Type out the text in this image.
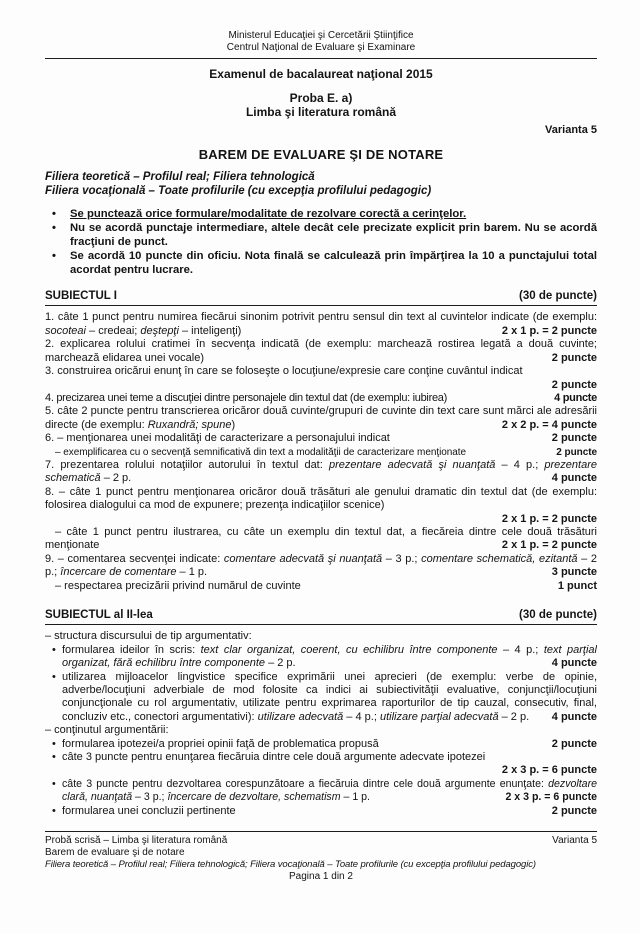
Ministerul Educaţiei şi Cercetării Ştiinţifice
Centrul Naţional de Evaluare şi Examinare
Examenul de bacalaureat naţional 2015
Proba E. a)
Limba şi literatura română
Varianta 5
BAREM DE EVALUARE ŞI DE NOTARE
Filiera teoretică – Profilul real; Filiera tehnologică
Filiera vocaţională – Toate profilurile (cu excepţia profilului pedagogic)
• Se punctează orice formulare/modalitate de rezolvare corectă a cerinţelor.
• Nu se acordă punctaje intermediare, altele decât cele precizate explicit prin barem. Nu se acordă fracţiuni de punct.
• Se acordă 10 puncte din oficiu. Nota finală se calculează prin împărţirea la 10 a punctajului total acordat pentru lucrare.
SUBIECTUL I	(30 de puncte)

1. câte 1 punct pentru numirea fiecărui sinonim potrivit pentru sensul din text al cuvintelor indicate (de exemplu: socoteai – credeai; deştepţi – inteligenţi)	2 x 1 p. = 2 puncte

2. explicarea rolului cratimei în secvenţa indicată (de exemplu: marchează rostirea legată a două cuvinte; marchează elidarea unei vocale)	2 puncte

3. construirea oricărui enunţ în care se foloseşte o locuţiune/expresie care conţine cuvântul indicat

2 puncte

4. precizarea unei teme a discuţiei dintre personajele din textul dat (de exemplu: iubirea)	4 puncte

5. câte 2 puncte pentru transcrierea oricăror două cuvinte/grupuri de cuvinte din text care sunt mărci ale adresării directe (de exemplu: Ruxandră; spune)	2 x 2 p. = 4 puncte

6. – menţionarea unei modalităţi de caracterizare a personajului indicat	2 puncte

– exemplificarea cu o secvenţă semnificativă din text a modalităţii de caracterizare menţionate	2 puncte

7. prezentarea rolului notaţiilor autorului în textul dat: prezentare adecvată şi nuanţată – 4 p.; prezentare schematică – 2 p.	4 puncte

8. – câte 1 punct pentru menţionarea oricăror două trăsături ale genului dramatic din textul dat (de exemplu: folosirea dialogului ca mod de expunere; prezenţa indicaţiilor scenice)

2 x 1 p. = 2 puncte

– câte 1 punct pentru ilustrarea, cu câte un exemplu din textul dat, a fiecăreia dintre cele două trăsături menţionate	2 x 1 p. = 2 puncte

9. – comentarea secvenţei indicate: comentare adecvată şi nuanţată – 3 p.; comentare schematică, ezitantă – 2 p.; încercare de comentare – 1 p.	3 puncte

– respectarea precizării privind numărul de cuvinte	1 punct

SUBIECTUL al II-lea	(30 de puncte)

– structura discursului de tip argumentativ:

• formularea ideilor în scris: text clar organizat, coerent, cu echilibru între componente – 4 p.; text parţial organizat, fără echilibru între componente – 2 p.	4 puncte

• utilizarea mijloacelor lingvistice specifice exprimării unei aprecieri (de exemplu: verbe de opinie, adverbe/locuţiuni adverbiale de mod folosite ca indici ai subiectivităţii evaluative, conjuncţii/locuţiuni conjuncţionale cu rol argumentativ, utilizate pentru exprimarea raporturilor de tip cauzal, consecutiv, final, concluziv etc., conectori argumentativi): utilizare adecvată – 4 p.; utilizare parţial adecvată – 2 p. 4 puncte

– conţinutul argumentării:

• formularea ipotezei/a propriei opinii faţă de problematica propusă	2 puncte

• câte 3 puncte pentru enunţarea fiecăruia dintre cele două argumente adecvate ipotezei

2 x 3 p. = 6 puncte

• câte 3 puncte pentru dezvoltarea corespunzătoare a fiecăruia dintre cele două argumente enunţate: dezvoltare clară, nuanţată – 3 p.; încercare de dezvoltare, schematism – 1 p.	2 x 3 p. = 6 puncte

• formularea unei concluzii pertinente	2 puncte

Probă scrisă – Limba şi literatura română	Varianta 5
Barem de evaluare şi de notare
Filiera teoretică – Profilul real; Filiera tehnologică; Filiera vocaţională – Toate profilurile (cu excepţia profilului pedagogic)
Pagina 1 din 2
